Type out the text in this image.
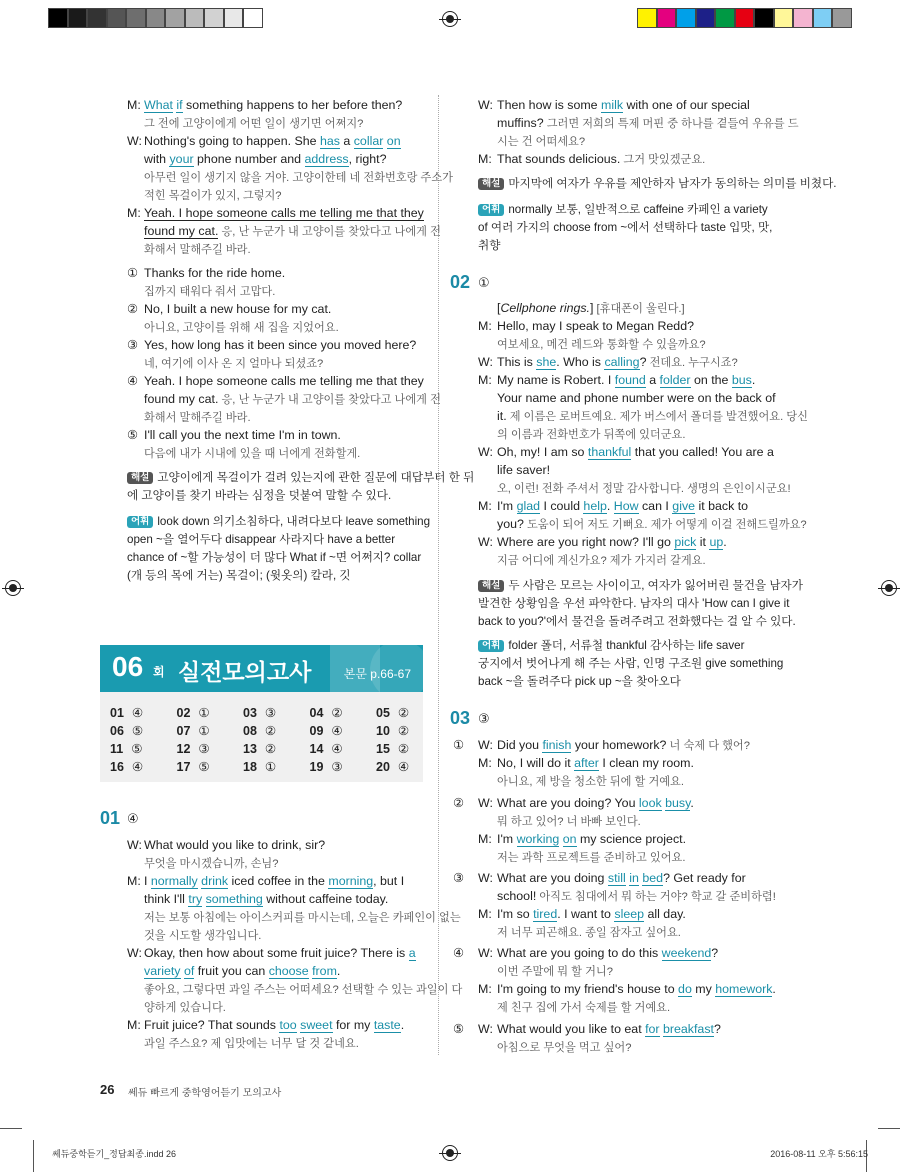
M: What if something happens to her before then?
그 전에 고양이에게 어떤 일이 생기면 어쩌지?
W: Nothing's going to happen. She has a collar on
with your phone number and address, right?
아무런 일이 생기지 않을 거야. 고양이한테 네 전화번호랑 주소가
적힌 목걸이가 있지, 그렇지?
M: Yeah. I hope someone calls me telling me that they
found my cat. 응, 난 누군가 내 고양이를 찾았다고 나에게 전
화해서 말해주길 바라.
① Thanks for the ride home.
집까지 태워다 줘서 고맙다.
② No, I built a new house for my cat.
아니요, 고양이를 위해 새 집을 지었어요.
③ Yes, how long has it been since you moved here?
네, 여기에 이사 온 지 얼마나 되셨죠?
④ Yeah. I hope someone calls me telling me that they
found my cat. 응, 난 누군가 내 고양이를 찾았다고 나에게 전
화해서 말해주길 바라.
⑤ I'll call you the next time I'm in town.
다음에 내가 시내에 있을 때 너에게 전화할게.
해설 고양이에게 목걸이가 걸려 있는지에 관한 질문에 대답부터 한 뒤
에 고양이를 찾기 바라는 심정을 덧붙여 말할 수 있다.
어휘 look down 의기소침하다, 내려다보다 leave something
open ~을 열어두다 disappear 사라지다 have a better
chance of ~할 가능성이 더 많다 What if ~면 어쩌지? collar
(개 등의 목에 거는) 목걸이; (윗옷의) 칼라, 깃
06 회 실전모의고사	본문 p.66-67
01 ④	02 ①	03 ③	04 ②	05 ②
06 ⑤	07 ①	08 ②	09 ④	10 ②
11 ⑤	12 ③	13 ②	14 ④	15 ②
16 ④	17 ⑤	18 ①	19 ③	20 ④
01 ④
W: What would you like to drink, sir?
무엇을 마시겠습니까, 손님?
M: I normally drink iced coffee in the morning, but I
think I'll try something without caffeine today.
저는 보통 아침에는 아이스커피를 마시는데, 오늘은 카페인이 없는
것을 시도할 생각입니다.
W: Okay, then how about some fruit juice? There is a
variety of fruit you can choose from.
좋아요, 그렇다면 과일 주스는 어떠세요? 선택할 수 있는 과일이 다
양하게 있습니다.
M: Fruit juice? That sounds too sweet for my taste.
과일 주스요? 제 입맛에는 너무 달 것 같네요.
W: Then how is some milk with one of our special
muffins? 그러면 저희의 특제 머핀 중 하나를 곁들여 우유를 드
시는 건 어떠세요?
M: That sounds delicious. 그거 맛있겠군요.
해설 마지막에 여자가 우유를 제안하자 남자가 동의하는 의미를 비쳤다.
어휘 normally 보통, 일반적으로 caffeine 카페인 a variety
of 여러 가지의 choose from ~에서 선택하다 taste 입맛, 맛,
취향
02 ①
[Cellphone rings.] [휴대폰이 울린다.]
M: Hello, may I speak to Megan Redd?
여보세요, 메건 레드와 통화할 수 있을까요?
W: This is she. Who is calling? 전데요. 누구시죠?
M: My name is Robert. I found a folder on the bus.
Your name and phone number were on the back of
it. 제 이름은 로버트예요. 제가 버스에서 폴더를 발견했어요. 당신
의 이름과 전화번호가 뒤쪽에 있더군요.
W: Oh, my! I am so thankful that you called! You are a
life saver!
오, 이런! 전화 주셔서 정말 감사합니다. 생명의 은인이시군요!
M: I'm glad I could help. How can I give it back to
you? 도움이 되어 저도 기뻐요. 제가 어떻게 이걸 전해드릴까요?
W: Where are you right now? I'll go pick it up.
지금 어디에 계신가요? 제가 가지러 갈게요.
해설 두 사람은 모르는 사이이고, 여자가 잃어버린 물건을 남자가
발견한 상황임을 우선 파악한다. 남자의 대사 'How can I give it
back to you?'에서 물건을 돌려주려고 전화했다는 걸 알 수 있다.
어휘 folder 폴더, 서류철 thankful 감사하는 life saver
궁지에서 벗어나게 해 주는 사람, 인명 구조원 give something
back ~을 돌려주다 pick up ~을 찾아오다
03 ③
① W: Did you finish your homework? 너 숙제 다 했어?
M: No, I will do it after I clean my room.
아니요, 제 방을 청소한 뒤에 할 거예요.
② W: What are you doing? You look busy.
뭐 하고 있어? 너 바빠 보인다.
M: I'm working on my science project.
저는 과학 프로젝트를 준비하고 있어요.
③ W: What are you doing still in bed? Get ready for
school! 아직도 침대에서 뭐 하는 거야? 학교 갈 준비하렴!
M: I'm so tired. I want to sleep all day.
저 너무 피곤해요. 종일 잠자고 싶어요.
④ W: What are you going to do this weekend?
이번 주말에 뭐 할 거니?
M: I'm going to my friend's house to do my homework.
제 친구 집에 가서 숙제를 할 거예요.
⑤ W: What would you like to eat for breakfast?
아침으로 무엇을 먹고 싶어?
26 쎄듀 빠르게 중학영어듣기 모의고사
쎄듀중학듣기_정답최종.indd 26	2016-08-11 오후 5:56:15
